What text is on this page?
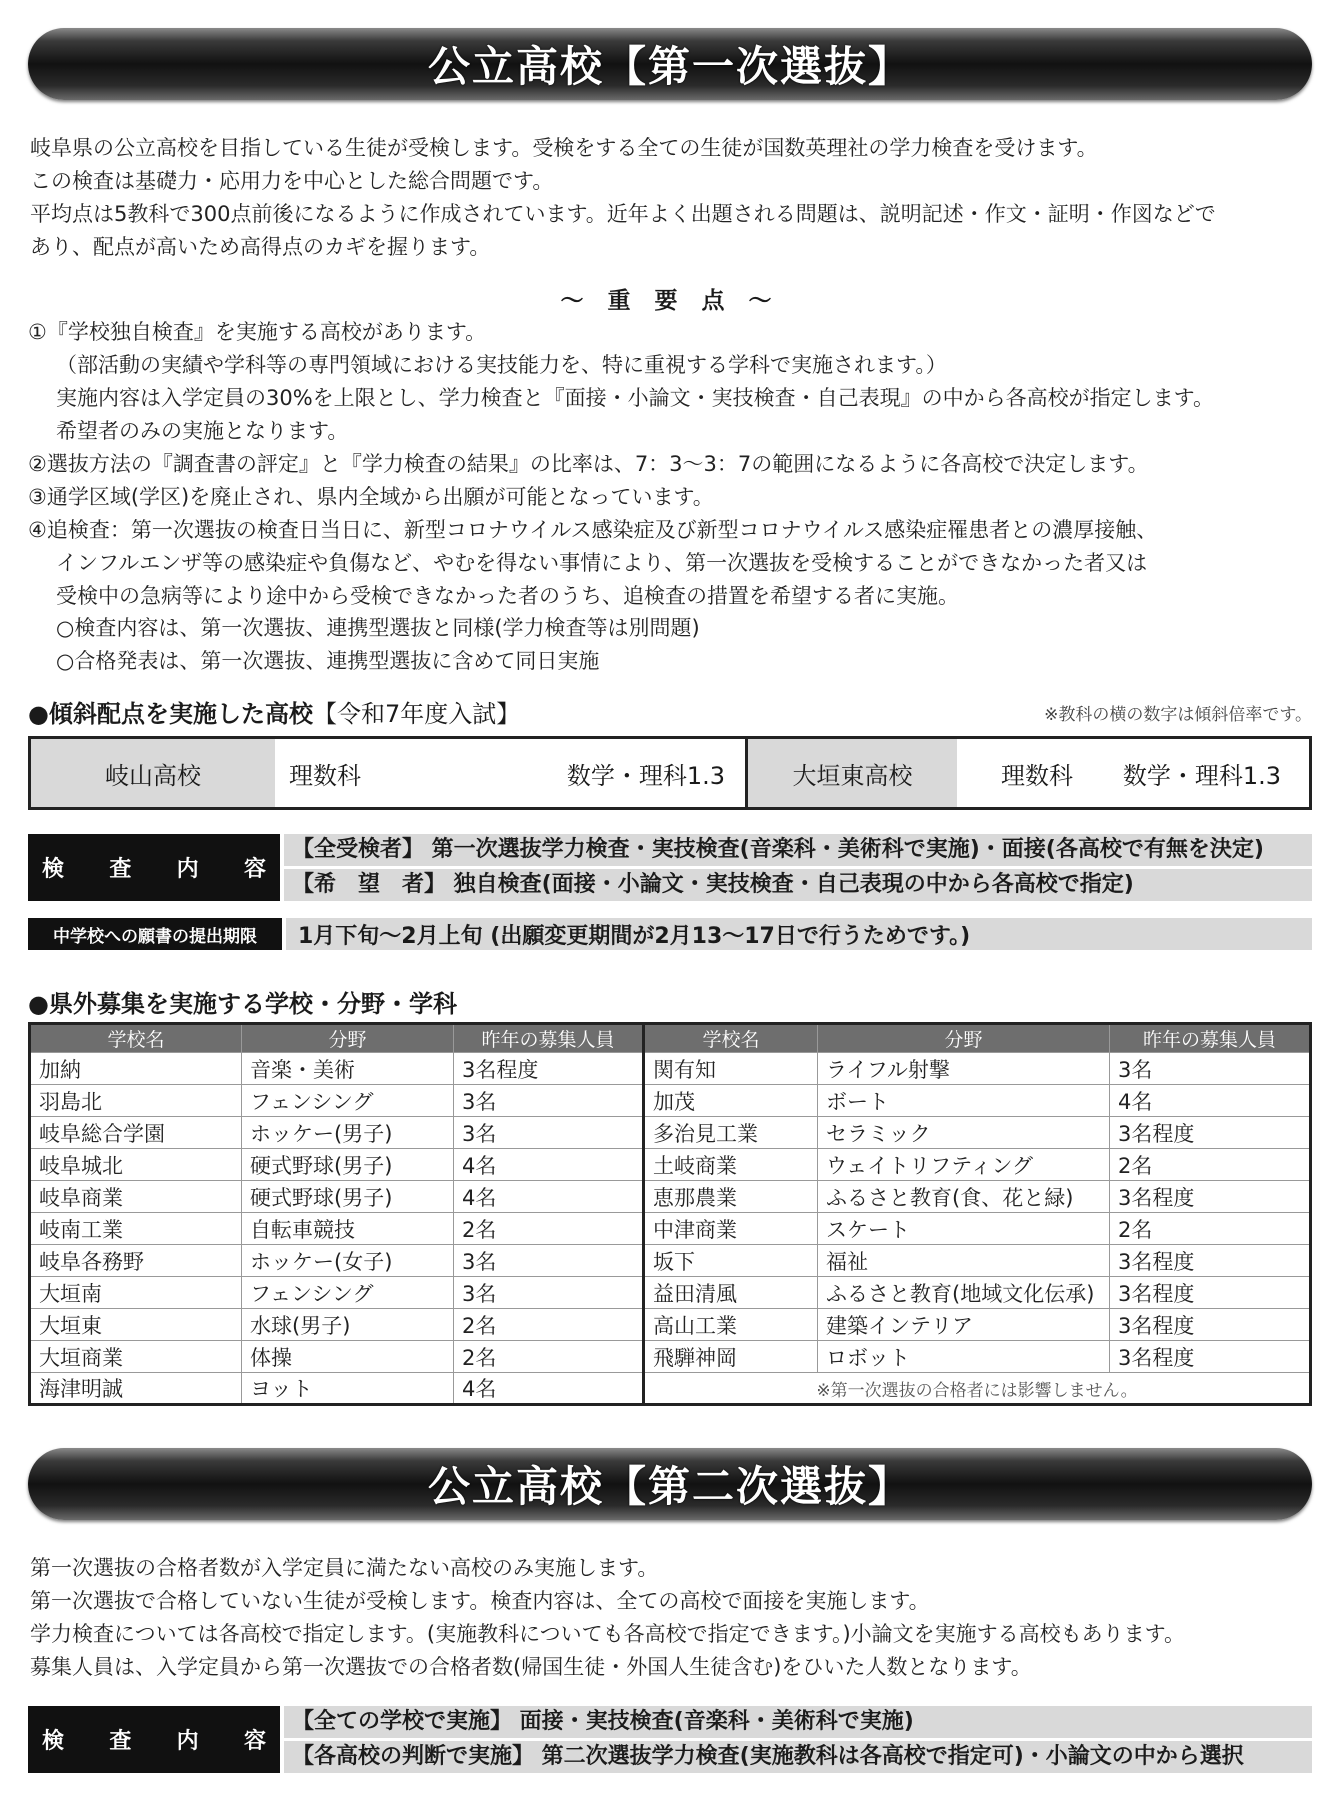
公立高校【第一次選抜】
岐阜県の公立高校を目指している生徒が受検します。受検をする全ての生徒が国数英理社の学力検査を受けます。
この検査は基礎力・応用力を中心とした総合問題です。
平均点は5教科で300点前後になるように作成されています。近年よく出題される問題は、説明記述・作文・証明・作図などで
あり、配点が高いため高得点のカギを握ります。
〜 重 要 点 〜
①『学校独自検査』を実施する高校があります。
（部活動の実績や学科等の専門領域における実技能力を、特に重視する学科で実施されます。）
実施内容は入学定員の30%を上限とし、学力検査と『面接・小論文・実技検査・自己表現』の中から各高校が指定します。
希望者のみの実施となります。
②選抜方法の『調査書の評定』と『学力検査の結果』の比率は、7：3〜3：7の範囲になるように各高校で決定します。
③通学区域(学区)を廃止され、県内全域から出願が可能となっています。
④追検査：第一次選抜の検査日当日に、新型コロナウイルス感染症及び新型コロナウイルス感染症罹患者との濃厚接触、
インフルエンザ等の感染症や負傷など、やむを得ない事情により、第一次選抜を受検することができなかった者又は
受検中の急病等により途中から受検できなかった者のうち、追検査の措置を希望する者に実施。
○検査内容は、第一次選抜、連携型選抜と同様(学力検査等は別問題)
○合格発表は、第一次選抜、連携型選抜に含めて同日実施
●傾斜配点を実施した高校【令和7年度入試】	※教科の横の数字は傾斜倍率です。
岐山高校	理数科	数学・理科1.3	大垣東高校	理数科	数学・理科1.3
検 査 内 容
【全受検者】 第一次選抜学力検査・実技検査(音楽科・美術科で実施)・面接(各高校で有無を決定)
【希　望　者】 独自検査(面接・小論文・実技検査・自己表現の中から各高校で指定)
中学校への願書の提出期限	1月下旬〜2月上旬 (出願変更期間が2月13〜17日で行うためです。)
●県外募集を実施する学校・分野・学科
学校名	分野	昨年の募集人員	学校名	分野	昨年の募集人員
加納	音楽・美術	3名程度	関有知	ライフル射撃	3名
羽島北	フェンシング	3名	加茂	ボート	4名
岐阜総合学園	ホッケー(男子)	3名	多治見工業	セラミック	3名程度
岐阜城北	硬式野球(男子)	4名	土岐商業	ウェイトリフティング	2名
岐阜商業	硬式野球(男子)	4名	恵那農業	ふるさと教育(食、花と緑)	3名程度
岐南工業	自転車競技	2名	中津商業	スケート	2名
岐阜各務野	ホッケー(女子)	3名	坂下	福祉	3名程度
大垣南	フェンシング	3名	益田清風	ふるさと教育(地域文化伝承)	3名程度
大垣東	水球(男子)	2名	高山工業	建築インテリア	3名程度
大垣商業	体操	2名	飛騨神岡	ロボット	3名程度
海津明誠	ヨット	4名	※第一次選抜の合格者には影響しません。		
公立高校【第二次選抜】
第一次選抜の合格者数が入学定員に満たない高校のみ実施します。
第一次選抜で合格していない生徒が受検します。検査内容は、全ての高校で面接を実施します。
学力検査については各高校で指定します。(実施教科についても各高校で指定できます。)小論文を実施する高校もあります。
募集人員は、入学定員から第一次選抜での合格者数(帰国生徒・外国人生徒含む)をひいた人数となります。
検 査 内 容
【全ての学校で実施】 面接・実技検査(音楽科・美術科で実施)
【各高校の判断で実施】 第二次選抜学力検査(実施教科は各高校で指定可)・小論文の中から選択
